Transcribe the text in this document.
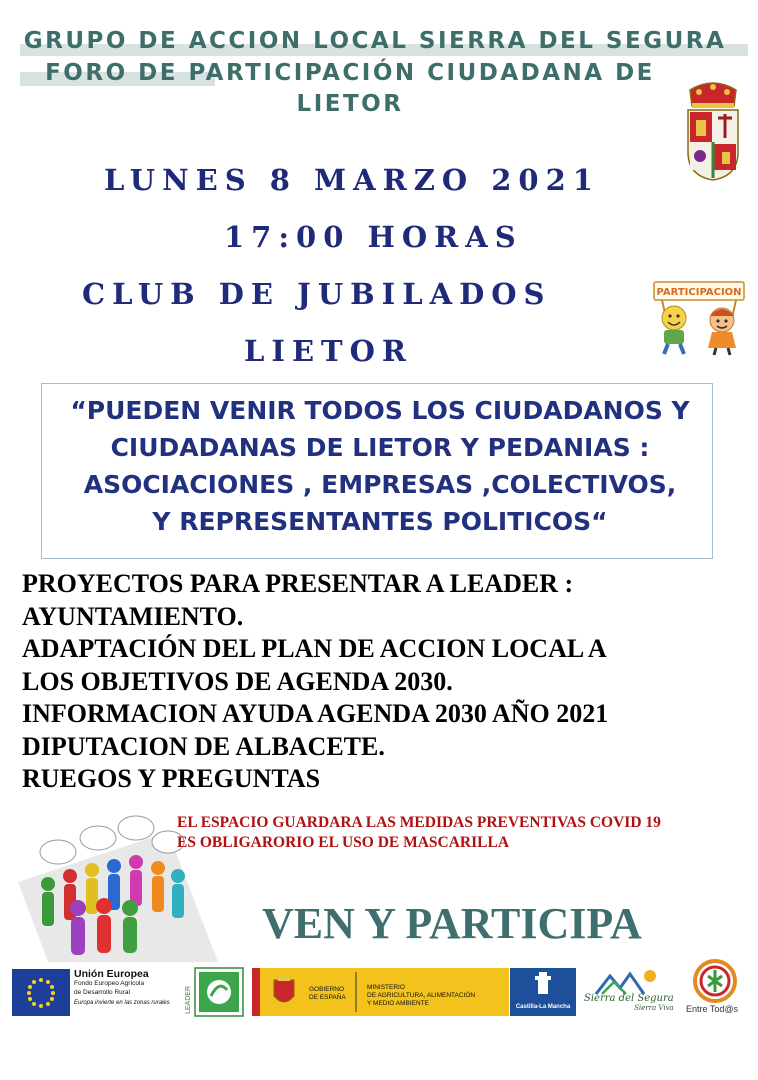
GRUPO DE ACCION LOCAL SIERRA DEL SEGURA
FORO DE PARTICIPACIÓN CIUDADANA DE
LIETOR
LUNES 8 MARZO 2021
17:00 HORAS
CLUB DE JUBILADOS
LIETOR
PARTICIPACION
“PUEDEN VENIR TODOS LOS CIUDADANOS Y
CIUDADANAS DE LIETOR Y PEDANIAS :
ASOCIACIONES , EMPRESAS ,COLECTIVOS,
Y REPRESENTANTES POLITICOS“
PROYECTOS PARA PRESENTAR A LEADER :
AYUNTAMIENTO.
ADAPTACIÓN DEL PLAN DE ACCION LOCAL A
LOS OBJETIVOS DE AGENDA 2030.
INFORMACION AYUDA AGENDA 2030 AÑO 2021
DIPUTACION DE ALBACETE.
RUEGOS Y PREGUNTAS
EL ESPACIO GUARDARA LAS MEDIDAS PREVENTIVAS COVID 19
ES OBLIGARORIO EL USO DE MASCARILLA
VEN Y PARTICIPA
Unión Europea
Fondo Europeo Agrícola
de Desarrollo Rural
Europa invierte en las zonas rurales LEADER	GOBIERNO
DE ESPAÑA
MINISTERIO
DE AGRICULTURA, ALIMENTACIÓN
Y MEDIO AMBIENTE	Castilla-La Mancha
Sierra del Segura
Sierra Viva Entre Tod@s
